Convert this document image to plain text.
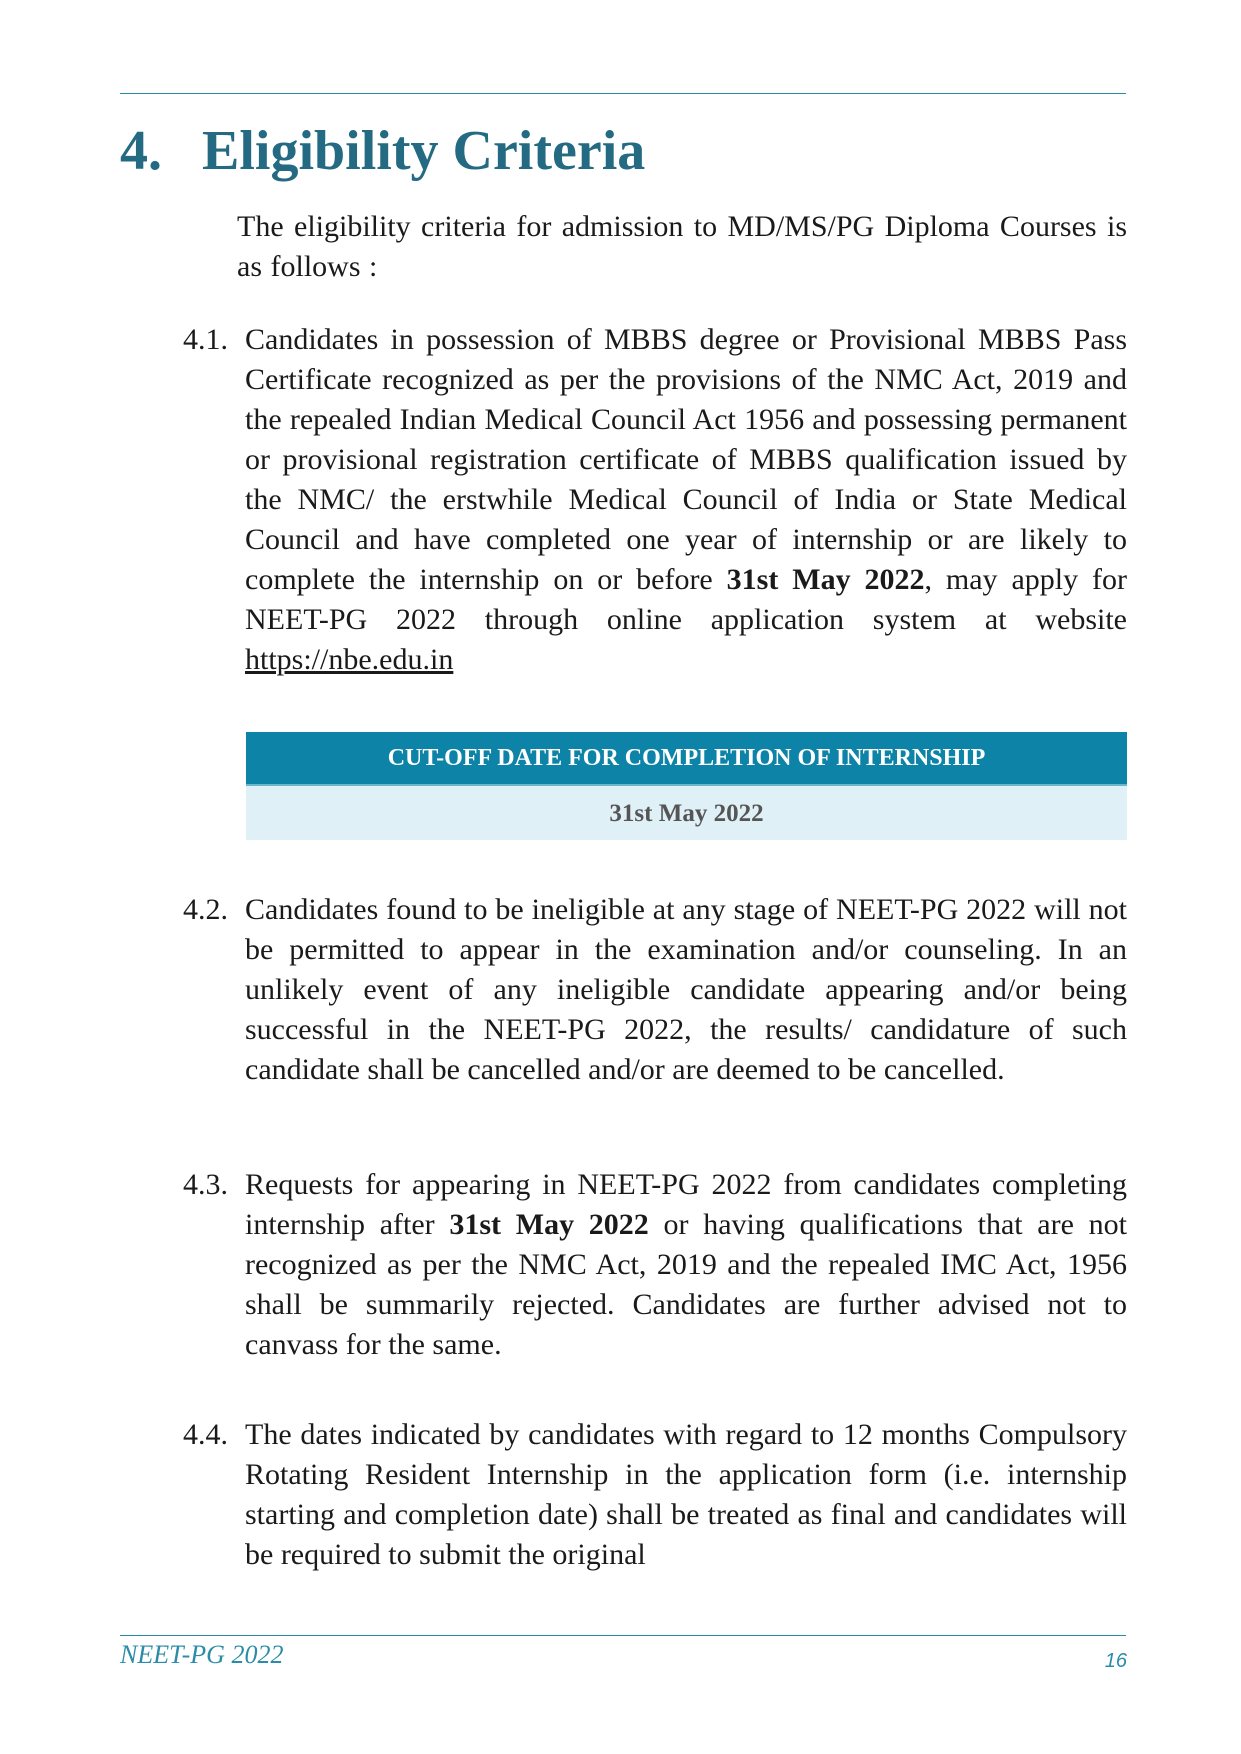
4. Eligibility Criteria

The eligibility criteria for admission to MD/MS/PG Diploma Courses is as follows :

4.1. Candidates in possession of MBBS degree or Provisional MBBS Pass Certificate recognized as per the provisions of the NMC Act, 2019 and the repealed Indian Medical Council Act 1956 and possessing permanent or provisional registration certificate of MBBS qualification issued by the NMC/ the erstwhile Medical Council of India or State Medical Council and have completed one year of internship or are likely to complete the internship on or before 31st May 2022, may apply for NEET-PG 2022 through online application system at website https://nbe.edu.in
CUT-OFF DATE FOR COMPLETION OF INTERNSHIP
31st May 2022
4.2. Candidates found to be ineligible at any stage of NEET-PG 2022 will not be permitted to appear in the examination and/or counseling. In an unlikely event of any ineligible candidate appearing and/or being successful in the NEET-PG 2022, the results/ candidature of such candidate shall be cancelled and/or are deemed to be cancelled.
4.3. Requests for appearing in NEET-PG 2022 from candidates completing internship after 31st May 2022 or having qualifications that are not recognized as per the NMC Act, 2019 and the repealed IMC Act, 1956 shall be summarily rejected. Candidates are further advised not to canvass for the same.
4.4. The dates indicated by candidates with regard to 12 months Compulsory Rotating Resident Internship in the application form (i.e. internship starting and completion date) shall be treated as final and candidates will be required to submit the original
NEET-PG 2022	16
